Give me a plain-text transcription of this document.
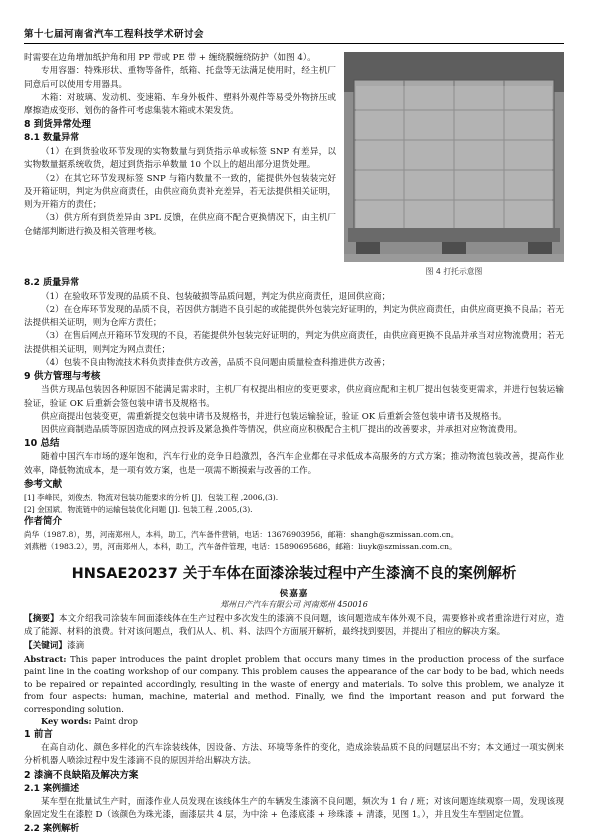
第十七届河南省汽车工程科技学术研讨会

时需要在边角增加纸护角和用 PP 带或 PE 带 + 缠绕膜缠绕防护（如图 4）。

专用容器：特殊形状、重物等备件，纸箱、托盘等无法满足使用时，经主机厂同意后可以使用专用器具。

木箱：对玻璃、发动机、变速箱、车身外板件、塑料外观件等易受外物挤压或摩擦造成变形、划伤的备件可考虑集装木箱或木架发货。

8 到货异常处理

8.1 数量异常

（1）在到货验收环节发现的实物数量与到货指示单或标签 SNP 有差异，以实物数量据系统收货，超过到货指示单数量 10 个以上的超出部分退货处理。

（2）在其它环节发现标签 SNP 与箱内数量不一致的，能提供外包装装完好及开箱证明，判定为供应商责任，由供应商负责补充差异，若无法提供相关证明，则为开箱方的责任；

（3）供方所有到货差异由 3PL 反馈，在供应商不配合更换情况下，由主机厂仓储部判断进行换及相关管理考核。

图 4 打托示意图

8.2 质量异常

（1）在验收环节发现的品质不良、包装破损等品质问题，判定为供应商责任，退回供应商；

（2）在仓库环节发现的品质不良，若因供方制造不良引起的或能提供外包装完好证明的，判定为供应商责任，由供应商更换不良品；若无法提供相关证明，则为仓库方责任；

（3）在售后网点开箱环节发现的不良，若能提供外包装完好证明的，判定为供应商责任，由供应商更换不良品并承当对应物流费用；若无法提供相关证明，则判定为网点责任；

（4）包装不良由物流技术科负责排查供方改善，品质不良问题由质量检查科推进供方改善；

9 供方管理与考核

当供方现品包装因各种原因不能满足需求时，主机厂有权提出相应的变更要求，供应商应配和主机厂提出包装变更需求，并进行包装运输验证，验证 OK 后重新会签包装申请书及规格书。

供应商提出包装变更，需重新提交包装申请书及规格书，并进行包装运输验证，验证 OK 后重新会签包装申请书及规格书。

因供应商制造品质等原因造成的网点投诉及紧急换件等情况，供应商应积极配合主机厂提出的改善要求，并承担对应物流费用。

10 总结

随着中国汽车市场的逐年饱和，汽车行业的竞争日趋激烈，各汽车企业都在寻求低成本高服务的方式方案；推动物流包装改善，提高作业效率，降低物流成本，是一项有效方案，也是一项需不断摸索与改善的工作。

参考文献

[1] 李峰民，刘俊杰．物流对包装功能要求的分析 [J]．包装工程 ,2006,(3).

[2] 金国斌．物流链中的运输包装优化问题 [J]. 包装工程 ,2005,(3).

作者简介

尚华（1987.8），男，河南郑州人，本科，助工，汽车备件营销，电话：13676903956，邮箱：shangh@szmissan.com.cn。

刘燕楷（1983.2），男，河南郑州人，本科，助工，汽车备件管理，电话：15890695686，邮箱：liuyk@szmissan.com.cn。

HNSAE20237 关于车体在面漆涂装过程中产生漆滴不良的案例解析
侯嘉嘉
郑州日产汽车有限公司 河南郑州 450016

【摘要】本文介绍我司涂装车间面漆线体在生产过程中多次发生的漆滴不良问题，该问题造成车体外观不良，需要修补或者重涂进行对应，造成了能源、材料的浪费。针对该问题点，我们从人、机、料、法四个方面展开解析，最终找到要因，并提出了相应的解决方案。

【关键词】漆滴

Abstract: This paper introduces the paint droplet problem that occurs many times in the production process of the surface paint line in the coating workshop of our company. This problem causes the appearance of the car body to be bad, which needs to be repaired or repainted accordingly, resulting in the waste of energy and materials. To solve this problem, we analyze it from four aspects: human, machine, material and method. Finally, we find the important reason and put forward the corresponding solution.

Key words: Paint drop

1 前言

在高自动化、颜色多样化的汽车涂装线体，因设备、方法、环境等条件的变化，造成涂装品质不良的问题层出不穷；本文通过一项实例来分析机器人喷涂过程中发生漆滴不良的原因并给出解决方法。

2 漆滴不良缺陷及解决方案

2.1 案例描述

某车型在批量试生产时，面漆作业人员发现在该线体生产的车辆发生漆滴不良问题，频次为 1 台 / 班；对该问题连续观察一周，发现该现象固定发生在漆腔 D（该颜色为珠光漆，面漆层共 4 层，为中涂 + 色漆底漆 + 珍珠漆 + 清漆，见图 1。），并且发生车型固定位置。

2.2 案例解析
